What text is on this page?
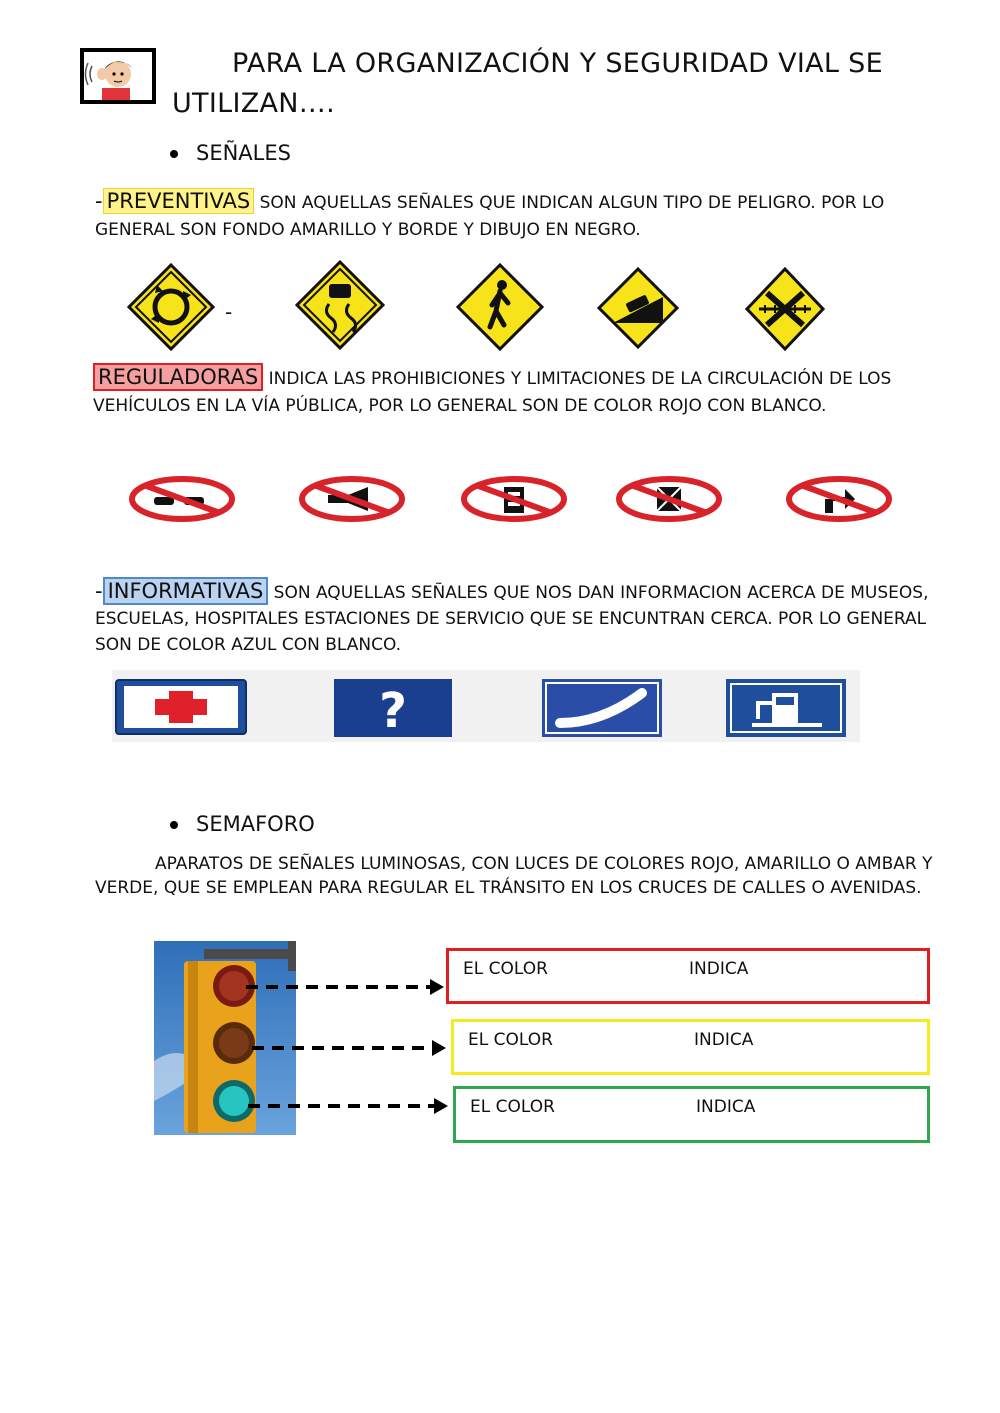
PARA LA ORGANIZACIÓN Y SEGURIDAD VIAL SE
UTILIZAN….
SEÑALES
- PREVENTIVAS SON AQUELLAS SEÑALES QUE INDICAN ALGUN TIPO DE PELIGRO. POR LO GENERAL SON FONDO AMARILLO Y BORDE Y DIBUJO EN NEGRO.
-
REGULADORAS INDICA LAS PROHIBICIONES Y LIMITACIONES DE LA CIRCULACIÓN DE LOS VEHÍCULOS EN LA VÍA PÚBLICA, POR LO GENERAL SON DE COLOR ROJO CON BLANCO.
- INFORMATIVAS SON AQUELLAS SEÑALES QUE NOS DAN INFORMACION ACERCA DE MUSEOS, ESCUELAS, HOSPITALES ESTACIONES DE SERVICIO QUE SE ENCUNTRAN CERCA. POR LO GENERAL SON DE COLOR AZUL CON BLANCO.
?
SEMAFORO
APARATOS DE SEÑALES LUMINOSAS, CON LUCES DE COLORES ROJO, AMARILLO O AMBAR Y VERDE, QUE SE EMPLEAN PARA REGULAR EL TRÁNSITO EN LOS CRUCES DE CALLES O AVENIDAS.
EL COLOR	INDICA
EL COLOR	INDICA
EL COLOR	INDICA
